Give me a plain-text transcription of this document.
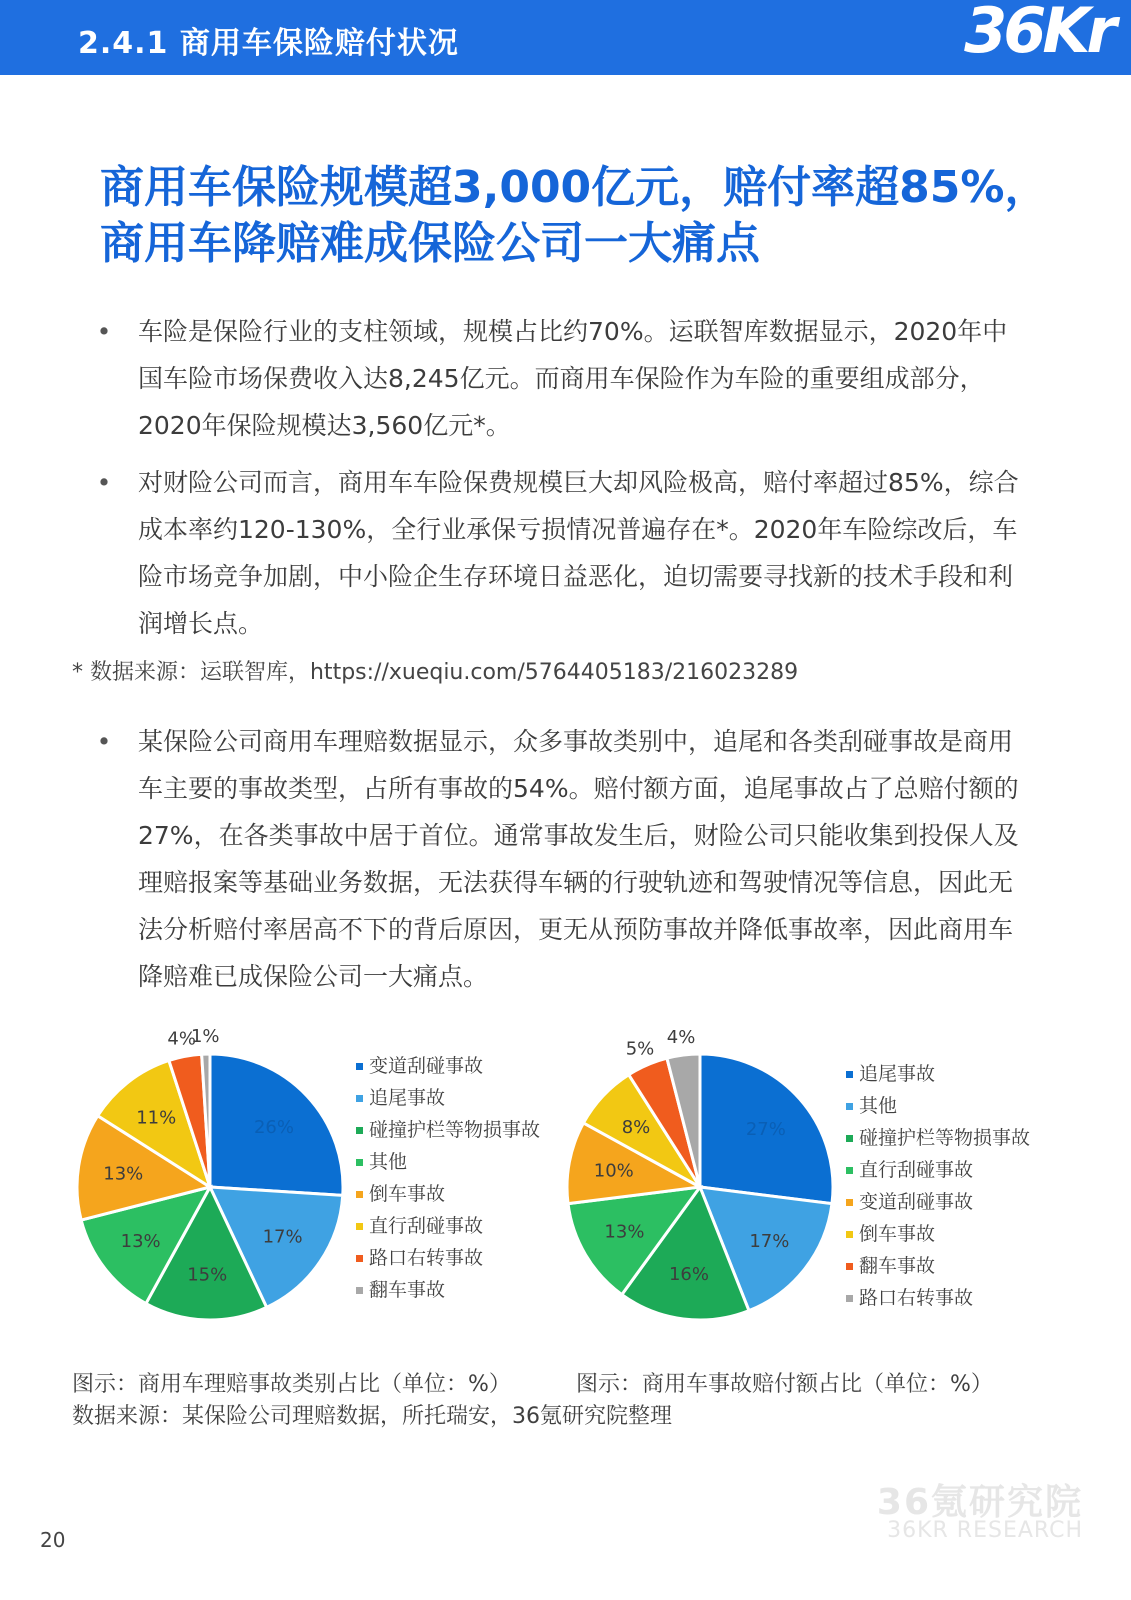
2.4.1 商用车保险赔付状况	36Kr
商用车保险规模超3,000亿元，赔付率超85%，
商用车降赔难成保险公司一大痛点
• 车险是保险行业的支柱领域，规模占比约70%。运联智库数据显示，2020年中国车险市场保费收入达8,245亿元。而商用车保险作为车险的重要组成部分，2020年保险规模达3,560亿元*。
• 对财险公司而言，商用车车险保费规模巨大却风险极高，赔付率超过85%，综合成本率约120-130%，全行业承保亏损情况普遍存在*。2020年车险综改后，车险市场竞争加剧，中小险企生存环境日益恶化，迫切需要寻找新的技术手段和利润增长点。
* 数据来源：运联智库，https://xueqiu.com/5764405183/216023289
• 某保险公司商用车理赔数据显示，众多事故类别中，追尾和各类刮碰事故是商用车主要的事故类型，占所有事故的54%。赔付额方面，追尾事故占了总赔付额的27%，在各类事故中居于首位。通常事故发生后，财险公司只能收集到投保人及理赔报案等基础业务数据，无法获得车辆的行驶轨迹和驾驶情况等信息，因此无法分析赔付率居高不下的背后原因，更无从预防事故并降低事故率，因此商用车降赔难已成保险公司一大痛点。
26%
17%
15%
13%
13%
11%
4%
1%
变道刮碰事故
追尾事故
碰撞护栏等物损事故
其他
倒车事故
直行刮碰事故
路口右转事故
翻车事故
27%
17%
16%
13%
10%
8%
5%
4%
追尾事故
其他
碰撞护栏等物损事故
直行刮碰事故
变道刮碰事故
倒车事故
翻车事故
路口右转事故
图示：商用车理赔事故类别占比（单位：%）	图示：商用车事故赔付额占比（单位：%）
数据来源：某保险公司理赔数据，所托瑞安，36氪研究院整理
36氪研究院
36KR RESEARCH
20
